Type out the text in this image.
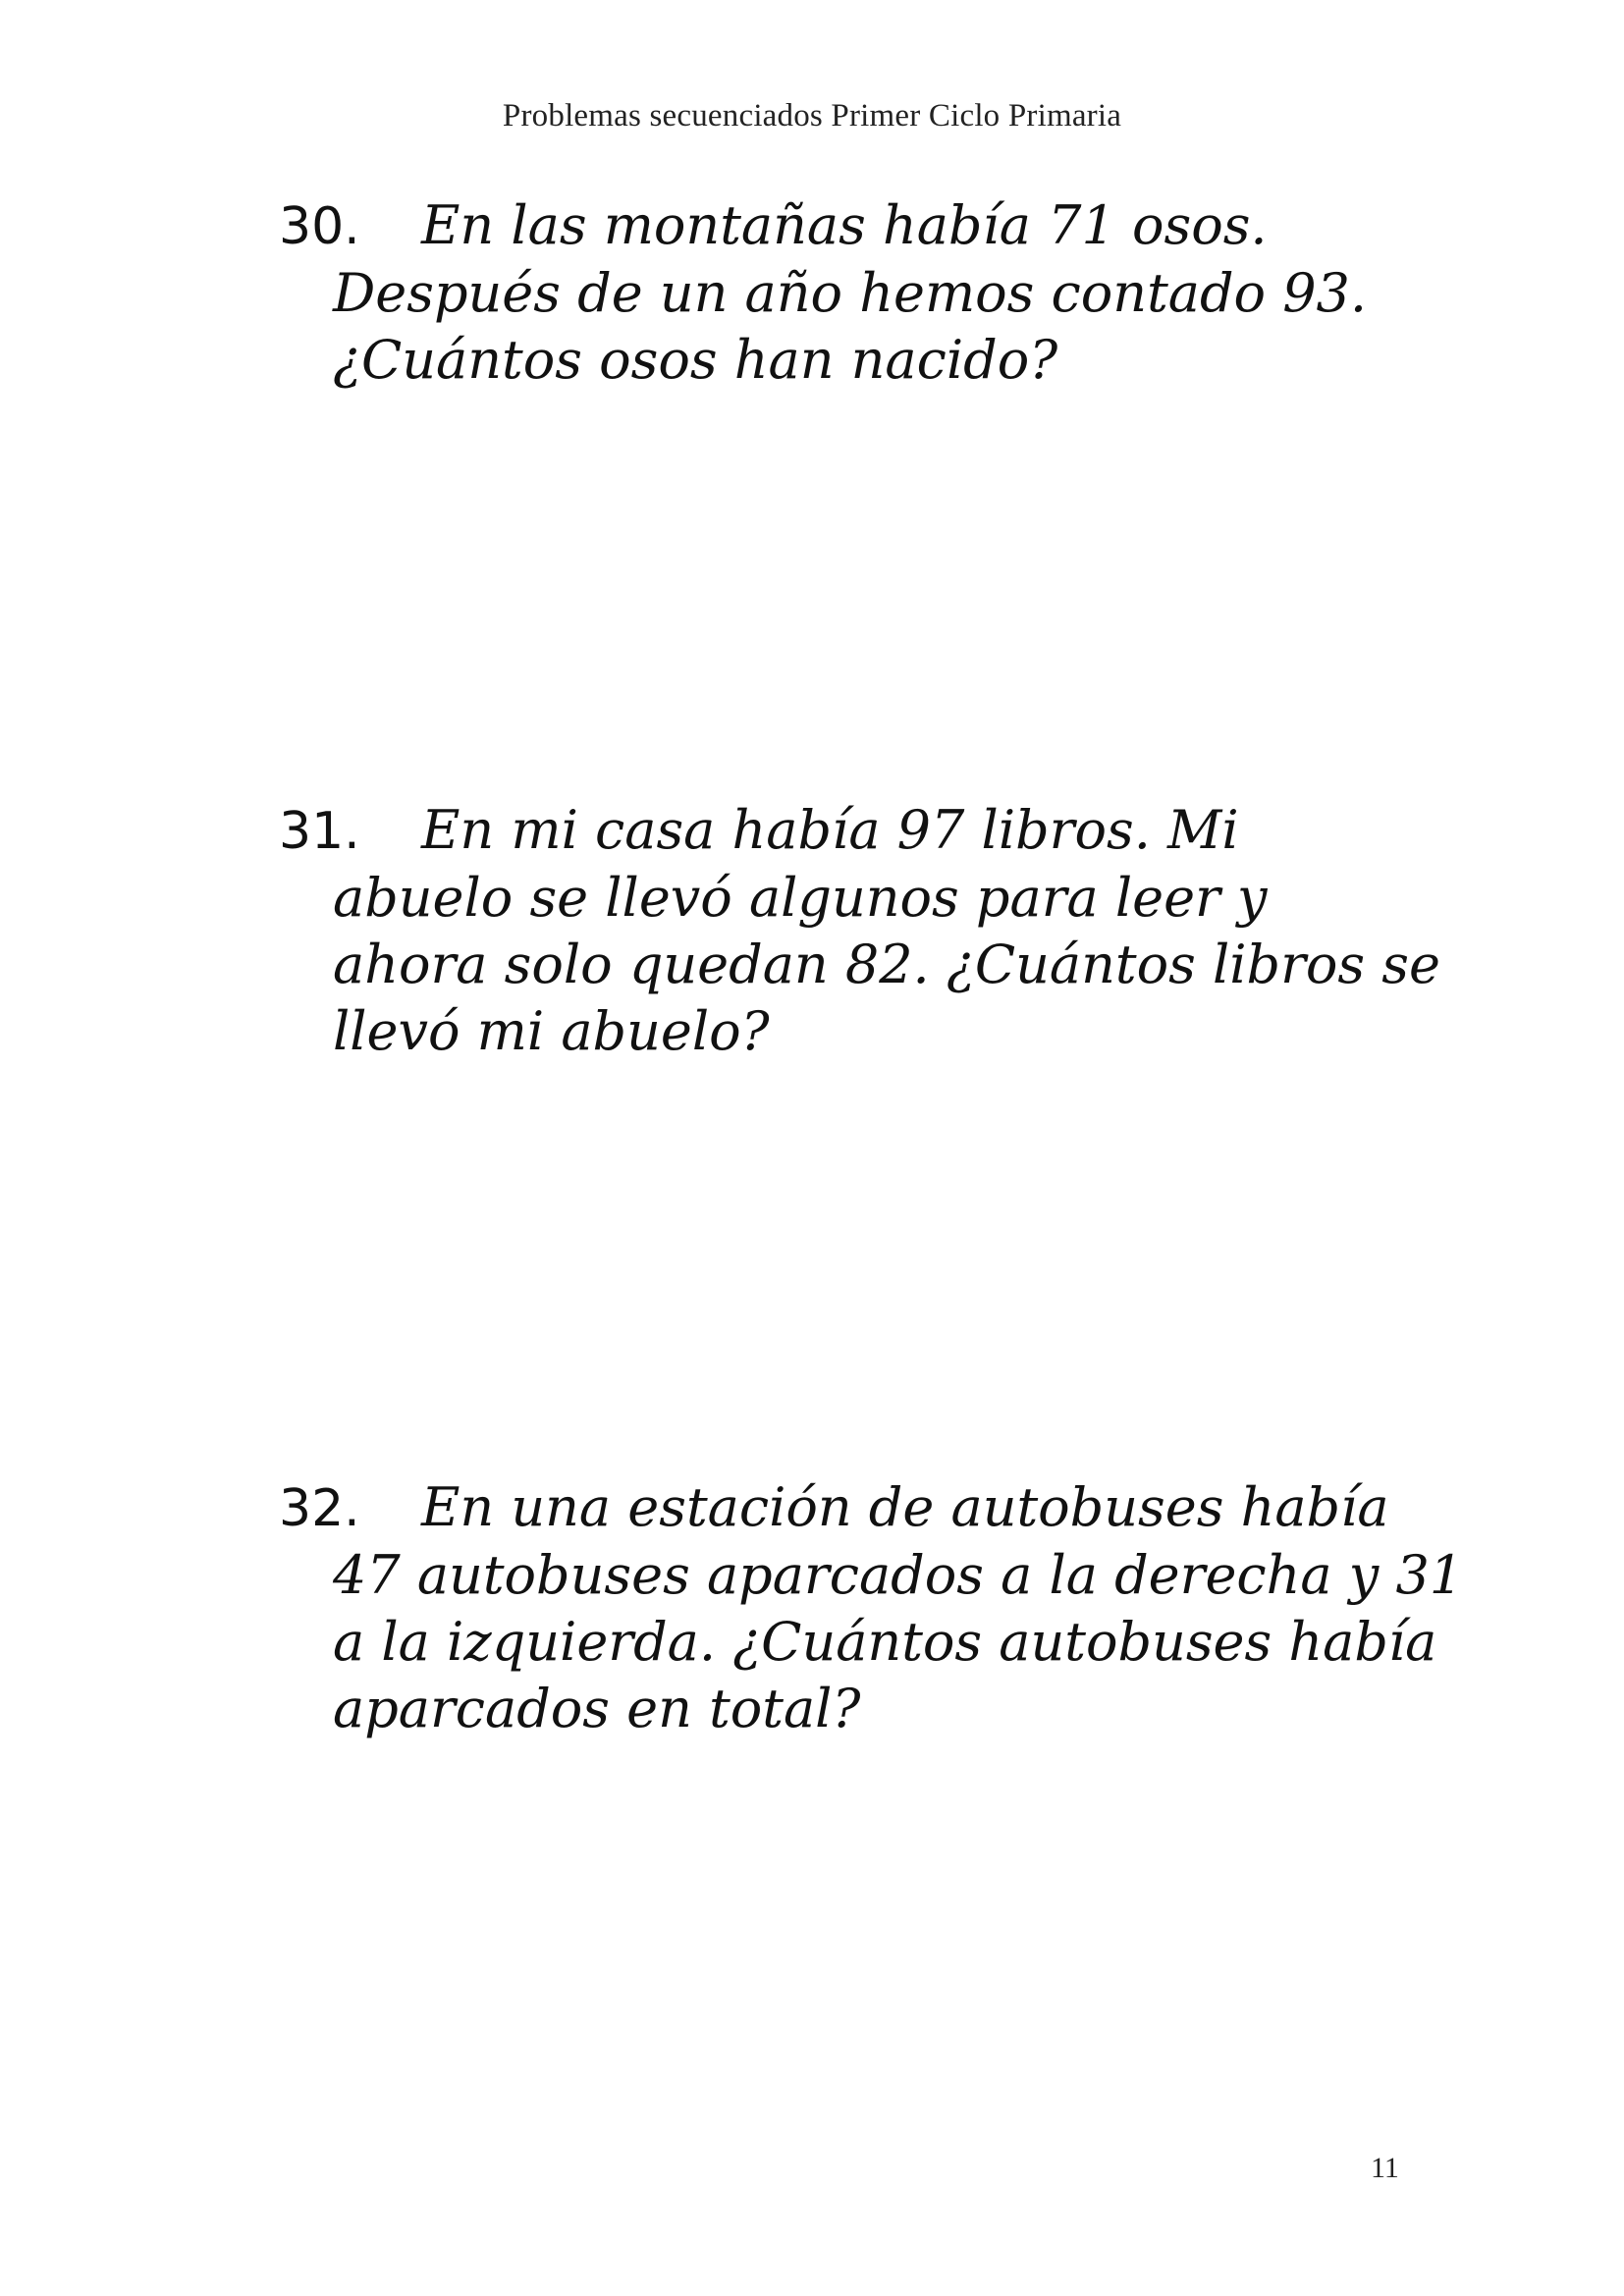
Problemas secuenciados Primer Ciclo Primaria
30. En las montañas había 71 osos.
Después de un año hemos contado 93.
¿Cuántos osos han nacido?
31. En mi casa había 97 libros. Mi
abuelo se llevó algunos para leer y
ahora solo quedan 82. ¿Cuántos libros se
llevó mi abuelo?
32. En una estación de autobuses había
47 autobuses aparcados a la derecha y 31
a la izquierda. ¿Cuántos autobuses había
aparcados en total?
11
